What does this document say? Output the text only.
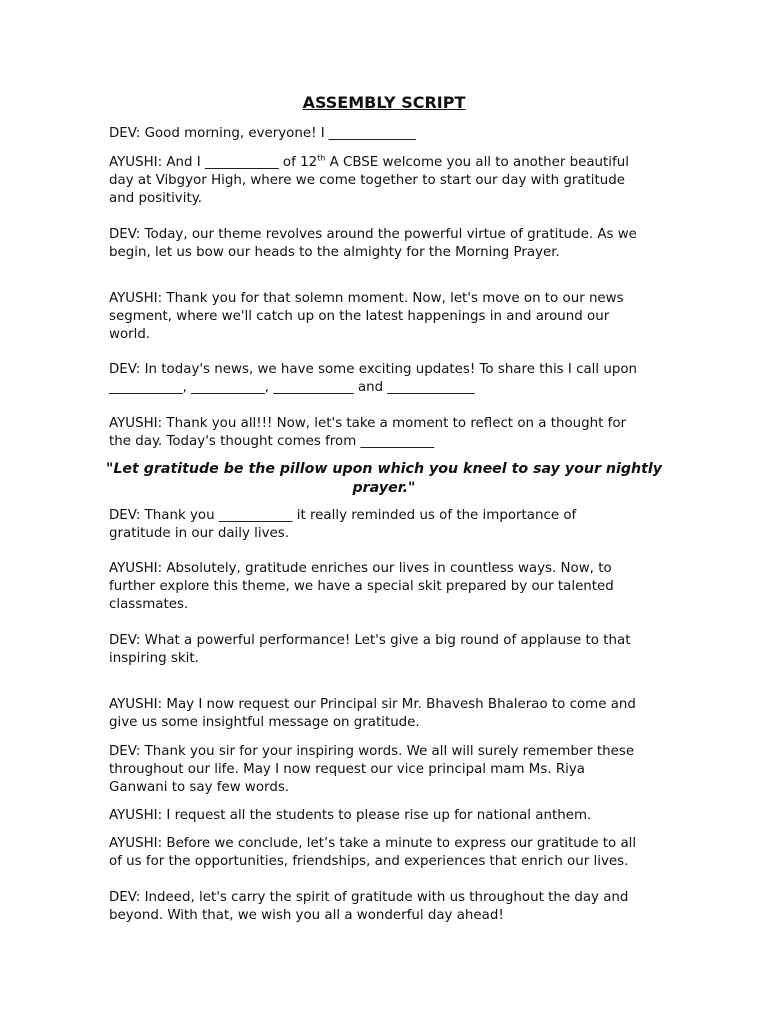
ASSEMBLY SCRIPT

DEV: Good morning, everyone! I _____________

AYUSHI: And I ___________ of 12th A CBSE welcome you all to another beautiful
day at Vibgyor High, where we come together to start our day with gratitude
and positivity.

DEV: Today, our theme revolves around the powerful virtue of gratitude. As we
begin, let us bow our heads to the almighty for the Morning Prayer.

AYUSHI: Thank you for that solemn moment. Now, let's move on to our news
segment, where we'll catch up on the latest happenings in and around our
world.

DEV: In today's news, we have some exciting updates! To share this I call upon
___________, ___________, ____________ and _____________

AYUSHI: Thank you all!!! Now, let's take a moment to reflect on a thought for
the day. Today's thought comes from ___________

"Let gratitude be the pillow upon which you kneel to say your nightly
prayer."

DEV: Thank you ___________ it really reminded us of the importance of
gratitude in our daily lives.

AYUSHI: Absolutely, gratitude enriches our lives in countless ways. Now, to
further explore this theme, we have a special skit prepared by our talented
classmates.

DEV: What a powerful performance! Let's give a big round of applause to that
inspiring skit.

AYUSHI: May I now request our Principal sir Mr. Bhavesh Bhalerao to come and
give us some insightful message on gratitude.

DEV: Thank you sir for your inspiring words. We all will surely remember these
throughout our life. May I now request our vice principal mam Ms. Riya
Ganwani to say few words.

AYUSHI: I request all the students to please rise up for national anthem.

AYUSHI: Before we conclude, let’s take a minute to express our gratitude to all
of us for the opportunities, friendships, and experiences that enrich our lives.

DEV: Indeed, let's carry the spirit of gratitude with us throughout the day and
beyond. With that, we wish you all a wonderful day ahead!
